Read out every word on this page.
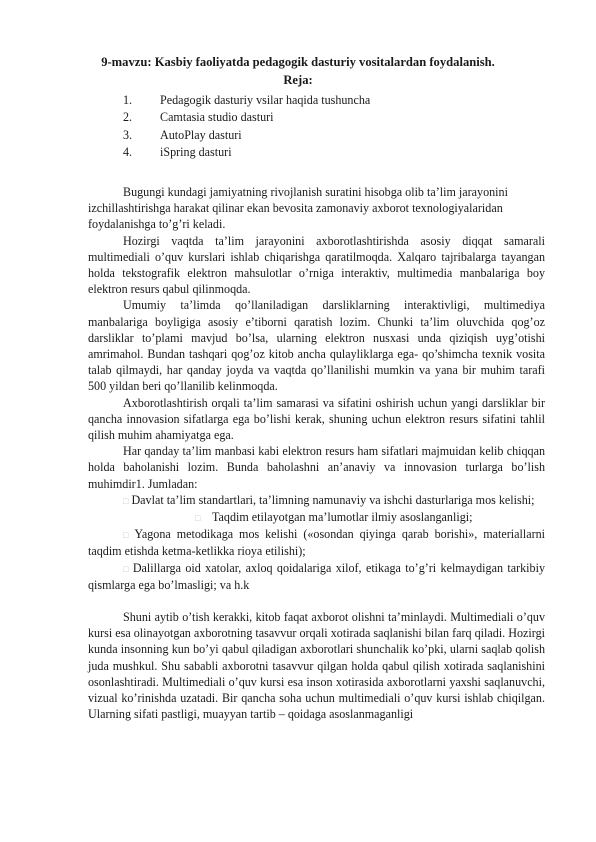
9-mavzu: Kasbiy faoliyatda pedagogik dasturiy vositalardan foydalanish.
Reja:
1. Pedagogik dasturiy vsilar haqida tushuncha
2. Camtasia studio dasturi
3. AutoPlay dasturi
4. iSpring dasturi

Bugungi kundagi jamiyatning rivojlanish suratini hisobga olib ta’lim jarayonini izchillashtirishga harakat qilinar ekan bevosita zamonaviy axborot texnologiyalaridan foydalanishga to’g’ri keladi.

Hozirgi vaqtda ta’lim jarayonini axborotlashtirishda asosiy diqqat samarali multimediali o’quv kurslari ishlab chiqarishga qaratilmoqda. Xalqaro tajribalarga tayangan holda tekstografik elektron mahsulotlar o’rniga interaktiv, multimedia manbalariga boy elektron resurs qabul qilinmoqda.

Umumiy ta’limda qo’llaniladigan darsliklarning interaktivligi, multimediya manbalariga boyligiga asosiy e’tiborni qaratish lozim. Chunki ta’lim oluvchida qog’oz darsliklar to’plami mavjud bo’lsa, ularning elektron nusxasi unda qiziqish uyg’otishi amrimahol. Bundan tashqari qog’oz kitob ancha qulayliklarga ega- qo’shimcha texnik vosita talab qilmaydi, har qanday joyda va vaqtda qo’llanilishi mumkin va yana bir muhim tarafi 500 yildan beri qo’llanilib kelinmoqda.

Axborotlashtirish orqali ta’lim samarasi va sifatini oshirish uchun yangi darsliklar bir qancha innovasion sifatlarga ega bo’lishi kerak, shuning uchun elektron resurs sifatini tahlil qilish muhim ahamiyatga ega.

Har qanday ta’lim manbasi kabi elektron resurs ham sifatlari majmuidan kelib chiqqan holda baholanishi lozim. Bunda baholashni an’anaviy va innovasion turlarga bo’lish muhimdir1. Jumladan:

□ Davlat ta’lim standartlari, ta’limning namunaviy va ishchi dasturlariga mos kelishi;

□ Taqdim etilayotgan ma’lumotlar ilmiy asoslanganligi;

□ Yagona metodikaga mos kelishi («osondan qiyinga qarab borishi», materiallarni taqdim etishda ketma-ketlikka rioya etilishi);

□ Dalillarga oid xatolar, axloq qoidalariga xilof, etikaga to’g’ri kelmaydigan tarkibiy qismlarga ega bo’lmasligi; va h.k

Shuni aytib o’tish kerakki, kitob faqat axborot olishni ta’minlaydi. Multimediali o’quv kursi esa olinayotgan axborotning tasavvur orqali xotirada saqlanishi bilan farq qiladi. Hozirgi kunda insonning kun bo’yi qabul qiladigan axborotlari shunchalik ko’pki, ularni saqlab qolish juda mushkul. Shu sababli axborotni tasavvur qilgan holda qabul qilish xotirada saqlanishini osonlashtiradi. Multimediali o’quv kursi esa inson xotirasida axborotlarni yaxshi saqlanuvchi, vizual ko’rinishda uzatadi. Bir qancha soha uchun multimediali o’quv kursi ishlab chiqilgan. Ularning sifati pastligi, muayyan tartib – qoidaga asoslanmaganligi
